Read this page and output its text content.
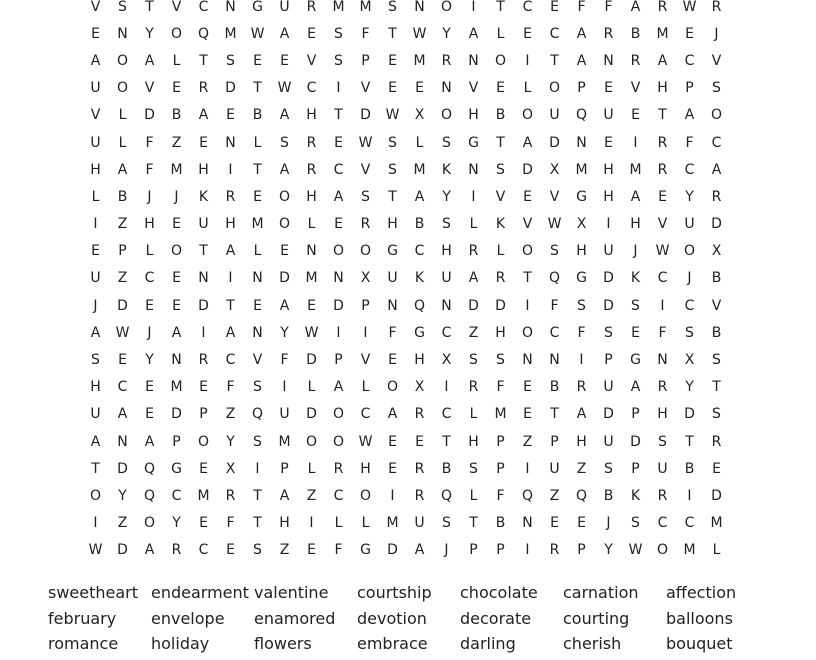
V	S	T	V	C	N	G	U	R	M	M	S	N	O	I	T	C	E	F	F	A	R	W	R
E	N	Y	O	Q	M	W	A	E	S	F	T	W	Y	A	L	E	C	A	R	B	M	E	J
A	O	A	L	T	S	E	E	V	S	P	E	M	R	N	O	I	T	A	N	R	A	C	V
U	O	V	E	R	D	T	W	C	I	V	E	E	N	V	E	L	O	P	E	V	H	P	S
V	L	D	B	A	E	B	A	H	T	D	W	X	O	H	B	O	U	Q	U	E	T	A	O
U	L	F	Z	E	N	L	S	R	E	W	S	L	S	G	T	A	D	N	E	I	R	F	C
H	A	F	M	H	I	T	A	R	C	V	S	M	K	N	S	D	X	M	H	M	R	C	A
L	B	J	J	K	R	E	O	H	A	S	T	A	Y	I	V	E	V	G	H	A	E	Y	R
I	Z	H	E	U	H	M	O	L	E	R	H	B	S	L	K	V	W	X	I	H	V	U	D
E	P	L	O	T	A	L	E	N	O	O	G	C	H	R	L	O	S	H	U	J	W	O	X
U	Z	C	E	N	I	N	D	M	N	X	U	K	U	A	R	T	Q	G	D	K	C	J	B
J	D	E	E	D	T	E	A	E	D	P	N	Q	N	D	D	I	F	S	D	S	I	C	V
A	W	J	A	I	A	N	Y	W	I	I	F	G	C	Z	H	O	C	F	S	E	F	S	B
S	E	Y	N	R	C	V	F	D	P	V	E	H	X	S	S	N	N	I	P	G	N	X	S
H	C	E	M	E	F	S	I	L	A	L	O	X	I	R	F	E	B	R	U	A	R	Y	T
U	A	E	D	P	Z	Q	U	D	O	C	A	R	C	L	M	E	T	A	D	P	H	D	S
A	N	A	P	O	Y	S	M	O	O	W	E	E	T	H	P	Z	P	H	U	D	S	T	R
T	D	Q	G	E	X	I	P	L	R	H	E	R	B	S	P	I	U	Z	S	P	U	B	E
O	Y	Q	C	M	R	T	A	Z	C	O	I	R	Q	L	F	Q	Z	Q	B	K	R	I	D
I	Z	O	Y	E	F	T	H	I	L	L	M	U	S	T	B	N	E	E	J	S	C	C	M
W	D	A	R	C	E	S	Z	E	F	G	D	A	J	P	P	I	R	P	Y	W	O	M	L
sweetheart endearment valentine	courtship	chocolate	carnation	affection
february	envelope	enamored	devotion	decorate	courting	balloons
romance	holiday	flowers	embrace	darling	cherish	bouquet
